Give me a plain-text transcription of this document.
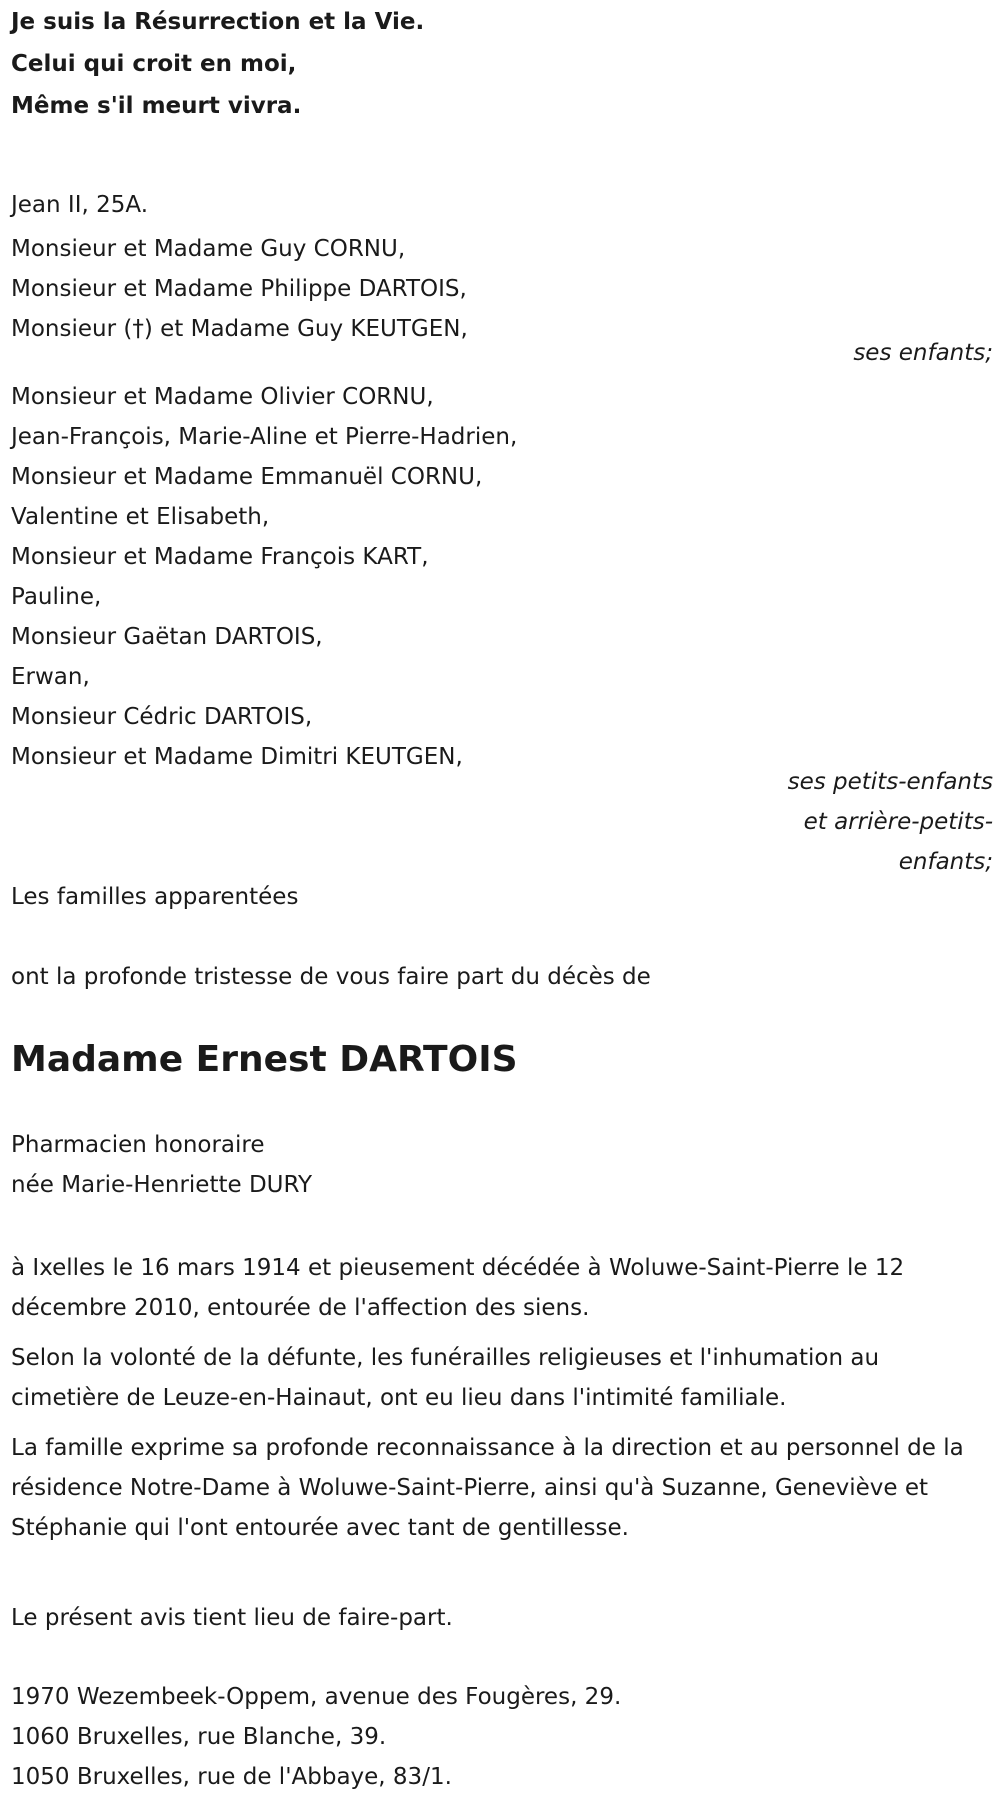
Je suis la Résurrection et la Vie.

Celui qui croit en moi,

Même s'il meurt vivra.

Jean II, 25A.

Monsieur et Madame Guy CORNU,

Monsieur et Madame Philippe DARTOIS,

Monsieur (†) et Madame Guy KEUTGEN,

ses enfants;

Monsieur et Madame Olivier CORNU,

Jean-François, Marie-Aline et Pierre-Hadrien,

Monsieur et Madame Emmanuël CORNU,

Valentine et Elisabeth,

Monsieur et Madame François KART,

Pauline,

Monsieur Gaëtan DARTOIS,

Erwan,

Monsieur Cédric DARTOIS,

Monsieur et Madame Dimitri KEUTGEN,

ses petits-enfants

et arrière-petits-

enfants;

Les familles apparentées

ont la profonde tristesse de vous faire part du décès de

Madame Ernest DARTOIS

Pharmacien honoraire

née Marie-Henriette DURY

à Ixelles le 16 mars 1914 et pieusement décédée à Woluwe-Saint-Pierre le 12 décembre 2010, entourée de l'affection des siens.

Selon la volonté de la défunte, les funérailles religieuses et l'inhumation au cimetière de Leuze-en-Hainaut, ont eu lieu dans l'intimité familiale.

La famille exprime sa profonde reconnaissance à la direction et au personnel de la résidence Notre-Dame à Woluwe-Saint-Pierre, ainsi qu'à Suzanne, Geneviève et Stéphanie qui l'ont entourée avec tant de gentillesse.

Le présent avis tient lieu de faire-part.

1970 Wezembeek-Oppem, avenue des Fougères, 29.

1060 Bruxelles, rue Blanche, 39.

1050 Bruxelles, rue de l'Abbaye, 83/1.
